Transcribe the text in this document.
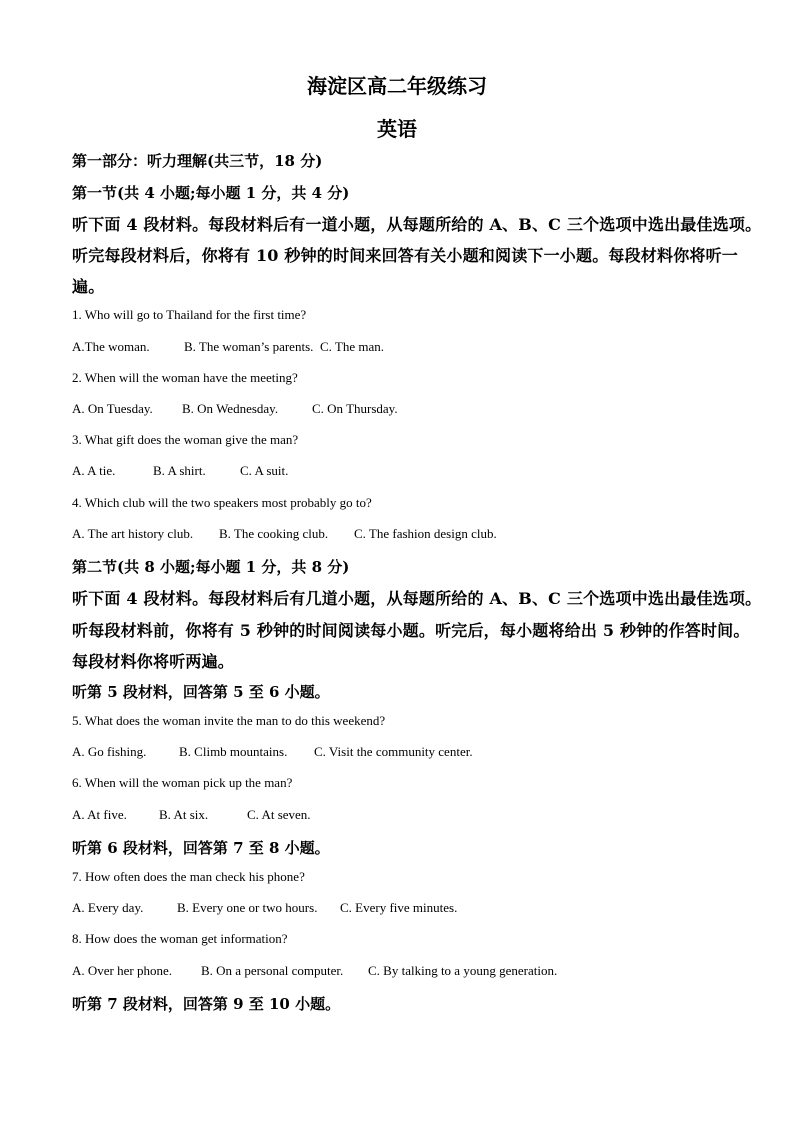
海淀区高二年级练习
英语
第一部分：听力理解(共三节，18 分)
第一节(共 4 小题;每小题 1 分，共 4 分)
听下面 4 段材料。每段材料后有一道小题，从每题所给的 A、B、C 三个选项中选出最佳选项。
听完每段材料后，你将有 10 秒钟的时间来回答有关小题和阅读下一小题。每段材料你将听一
遍。
1. Who will go to Thailand for the first time?
A.The woman.	B. The woman’s parents. C. The man.
2. When will the woman have the meeting?
A. On Tuesday. B. On Wednesday.	C. On Thursday.
3. What gift does the woman give the man?
A. A tie.	B. A shirt.	C. A suit.
4. Which club will the two speakers most probably go to?
A. The art history club. B. The cooking club. C. The fashion design club.
第二节(共 8 小题;每小题 1 分，共 8 分)
听下面 4 段材料。每段材料后有几道小题，从每题所给的 A、B、C 三个选项中选出最佳选项。
听每段材料前，你将有 5 秒钟的时间阅读每小题。听完后，每小题将给出 5 秒钟的作答时间。
每段材料你将听两遍。
听第 5 段材料，回答第 5 至 6 小题。
5. What does the woman invite the man to do this weekend?
A. Go fishing.	B. Climb mountains. C. Visit the community center.
6. When will the woman pick up the man?
A. At five. B. At six.	C. At seven.
听第 6 段材料，回答第 7 至 8 小题。
7. How often does the man check his phone?
A. Every day.	B. Every one or two hours. C. Every five minutes.
8. How does the woman get information?
A. Over her phone. B. On a personal computer. C. By talking to a young generation.
听第 7 段材料，回答第 9 至 10 小题。
